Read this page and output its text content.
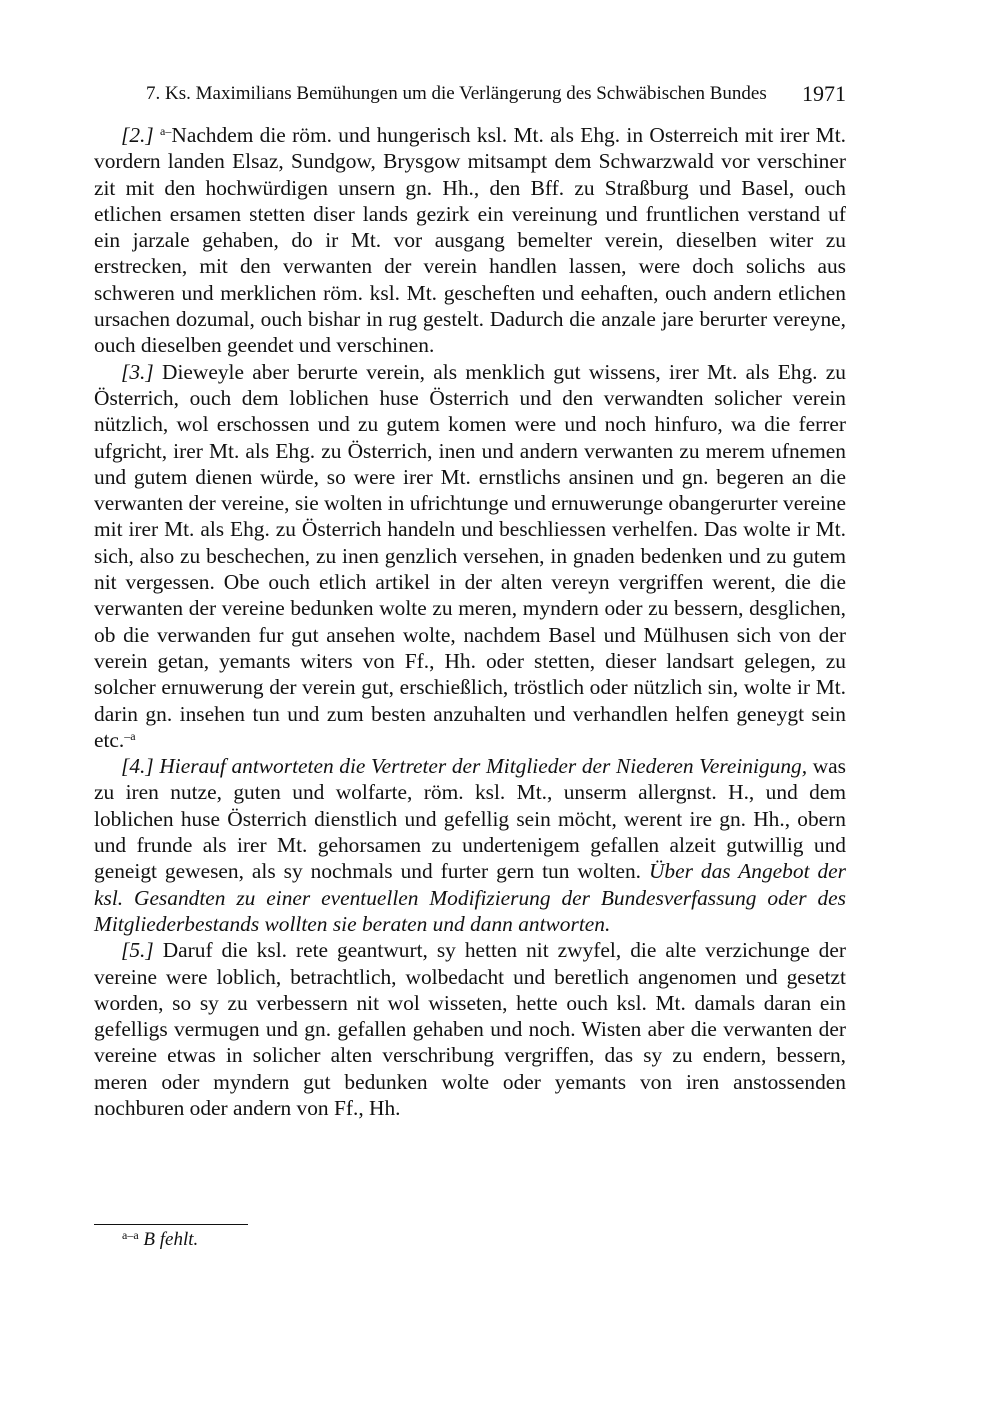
7. Ks. Maximilians Bemühungen um die Verlängerung des Schwäbischen Bundes 1971

[2.] $^{a-}$Nachdem die röm. und hungerisch ksl. Mt. als Ehg. in Osterreich mit irer Mt. vordern landen Elsaz, Sundgow, Brysgow mitsampt dem Schwarzwald vor verschiner zit mit den hochwürdigen unsern gn. Hh., den Bff. zu Straßburg und Basel, ouch etlichen ersamen stetten diser lands gezirk ein vereinung und fruntlichen verstand uf ein jarzale gehaben, do ir Mt. vor ausgang bemelter verein, dieselben witer zu erstrecken, mit den verwanten der verein handlen lassen, were doch solichs aus schweren und merklichen röm. ksl. Mt. gescheften und eehaften, ouch andern etlichen ursachen dozumal, ouch bishar in rug gestelt. Dadurch die anzale jare berurter vereyne, ouch dieselben geendet und verschinen.

[3.] Dieweyle aber berurte verein, als menklich gut wissens, irer Mt. als Ehg. zu Österrich, ouch dem loblichen huse Österrich und den verwandten solicher verein nützlich, wol erschossen und zu gutem komen were und noch hinfuro, wa die ferrer ufgricht, irer Mt. als Ehg. zu Österrich, inen und andern verwanten zu merem ufnemen und gutem dienen würde, so were irer Mt. ernstlichs ansinen und gn. begeren an die verwanten der vereine, sie wolten in ufrichtunge und ernuwerunge obangerurter vereine mit irer Mt. als Ehg. zu Österrich handeln und beschliessen verhelfen. Das wolte ir Mt. sich, also zu beschechen, zu inen genzlich versehen, in gnaden bedenken und zu gutem nit vergessen. Obe ouch etlich artikel in der alten vereyn vergriffen werent, die die verwanten der vereine bedunken wolte zu meren, myndern oder zu bessern, desglichen, ob die verwanden fur gut ansehen wolte, nachdem Basel und Mülhusen sich von der verein getan, yemants witers von Ff., Hh. oder stetten, dieser landsart gelegen, zu solcher ernuwerung der verein gut, erschießlich, tröstlich oder nützlich sin, wolte ir Mt. darin gn. insehen tun und zum besten anzuhalten und verhandlen helfen geneygt sein etc.$^{-a}$

[4.] Hierauf antworteten die Vertreter der Mitglieder der Niederen Vereinigung, was zu iren nutze, guten und wolfarte, röm. ksl. Mt., unserm allergnst. H., und dem loblichen huse Österrich dienstlich und gefellig sein möcht, werent ire gn. Hh., obern und frunde als irer Mt. gehorsamen zu undertenigem gefallen alzeit gutwillig und geneigt gewesen, als sy nochmals und furter gern tun wolten. Über das Angebot der ksl. Gesandten zu einer eventuellen Modifizierung der Bundesverfassung oder des Mitgliederbestands wollten sie beraten und dann antworten.

[5.] Daruf die ksl. rete geantwurt, sy hetten nit zwyfel, die alte verzichunge der vereine were loblich, betrachtlich, wolbedacht und beretlich angenomen und gesetzt worden, so sy zu verbessern nit wol wisseten, hette ouch ksl. Mt. damals daran ein gefelligs vermugen und gn. gefallen gehaben und noch. Wisten aber die verwanten der vereine etwas in solicher alten verschribung vergriffen, das sy zu endern, bessern, meren oder myndern gut bedunken wolte oder yemants von iren anstossenden nochburen oder andern von Ff., Hh.

$^{a-a}$ B fehlt.
